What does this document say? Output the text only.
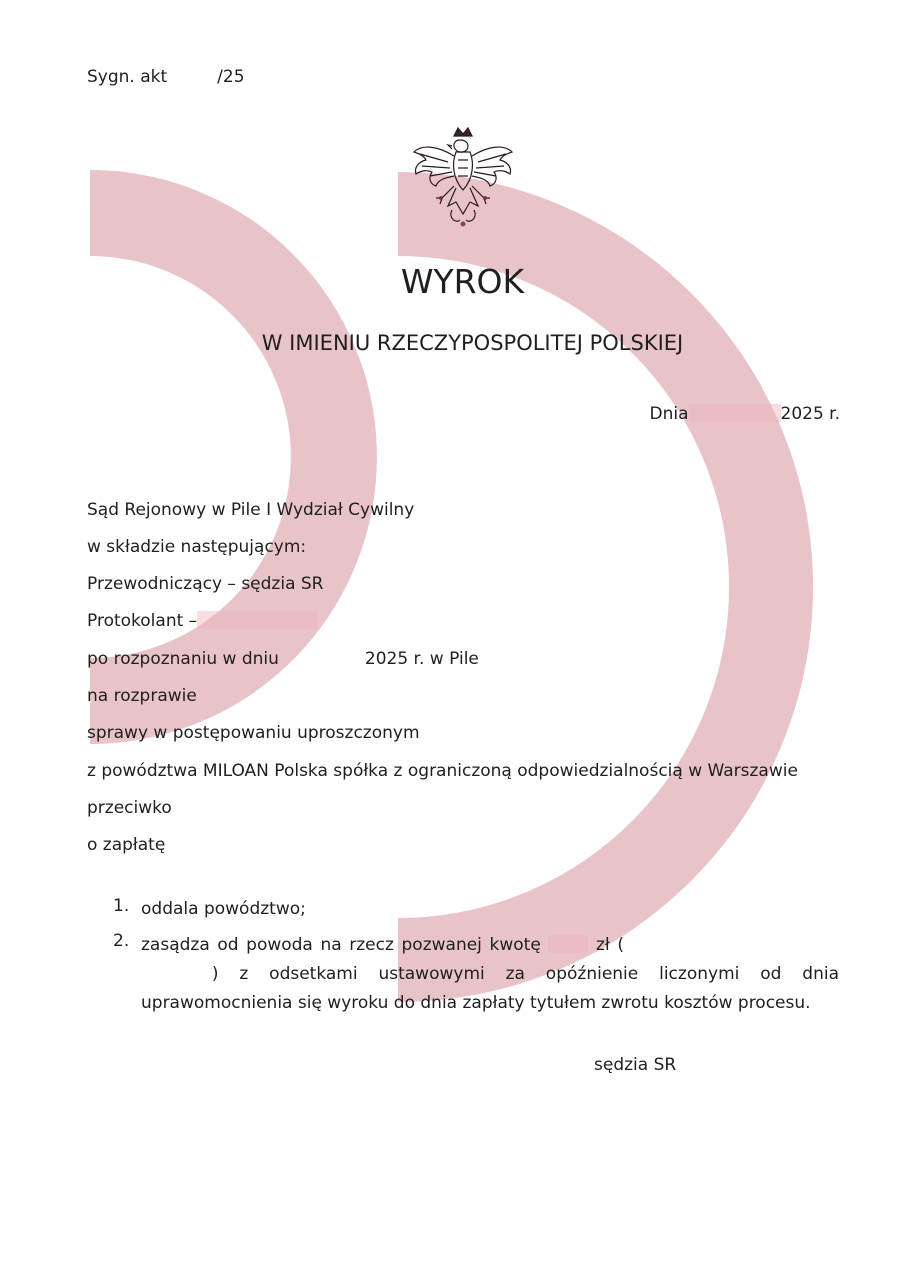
Sygn. akt	/25
WYROK
W IMIENIU RZECZYPOSPOLITEJ POLSKIEJ
Dnia	2025 r.
Sąd Rejonowy w Pile I Wydział Cywilny
w składzie następującym:
Przewodniczący – sędzia SR
Protokolant –
po rozpoznaniu w dniu	2025 r. w Pile
na rozprawie
sprawy w postępowaniu uproszczonym
z powództwa MILOAN Polska spółka z ograniczoną odpowiedzialnością w Warszawie
przeciwko
o zapłatę
1. oddala powództwo;
2. zasądza od powoda na rzecz pozwanej kwotę	zł ( ) z odsetkami ustawowymi za opóźnienie liczonymi od dnia uprawomocnienia się wyroku do dnia zapłaty tytułem zwrotu kosztów procesu.
sędzia SR
